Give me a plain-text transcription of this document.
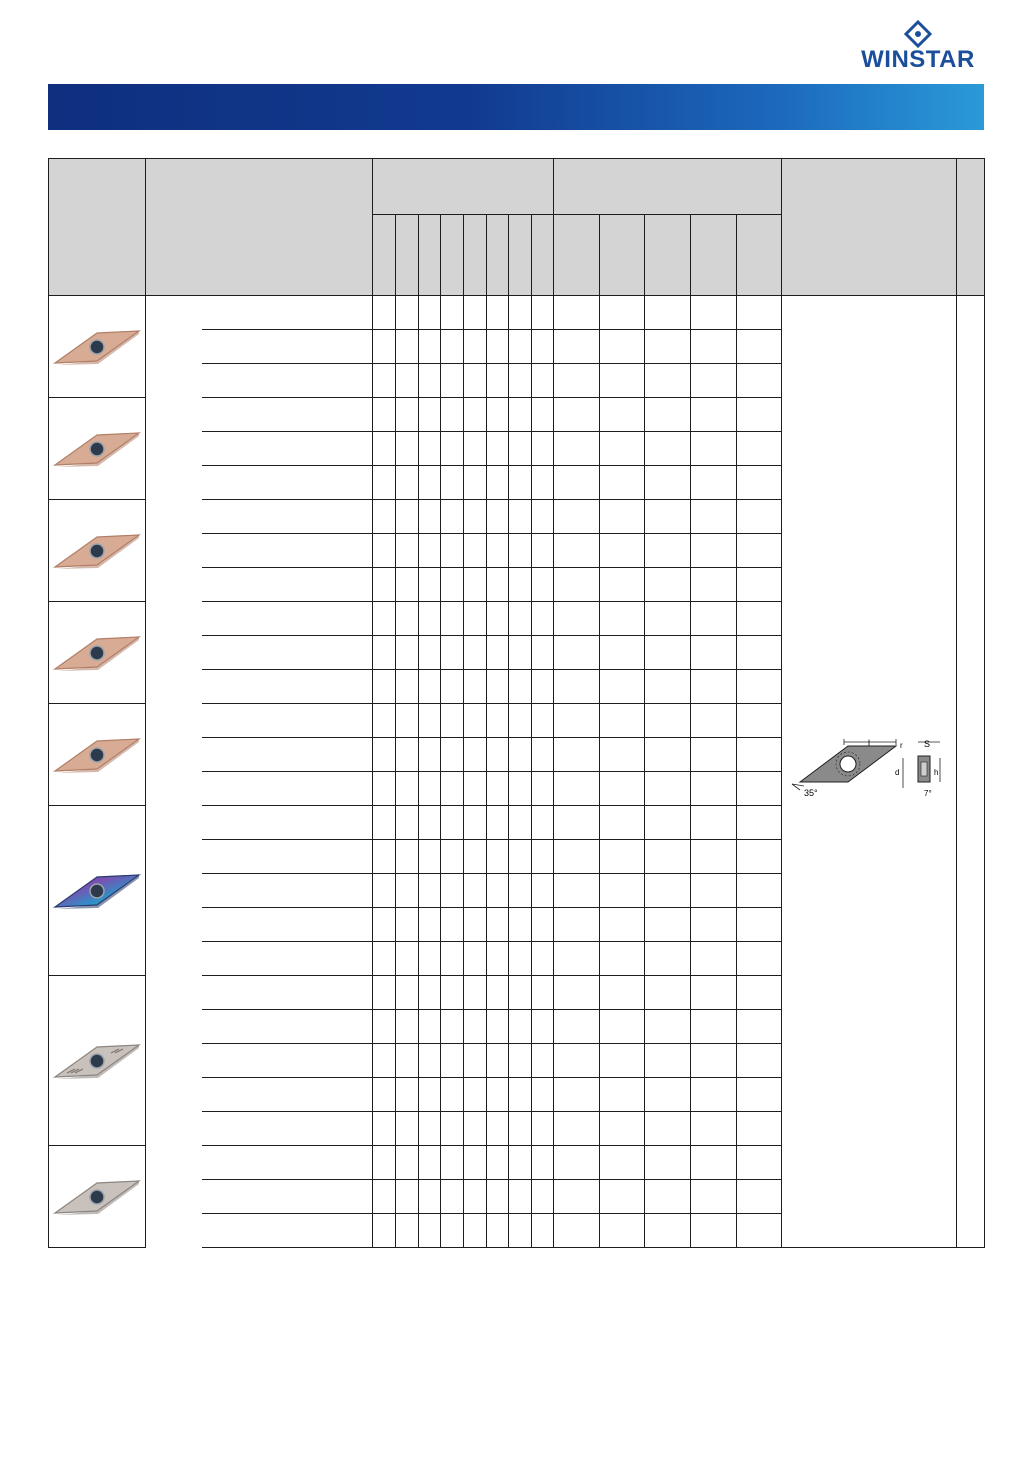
WINSTAR

l	r
d
35°
S
h
7°
